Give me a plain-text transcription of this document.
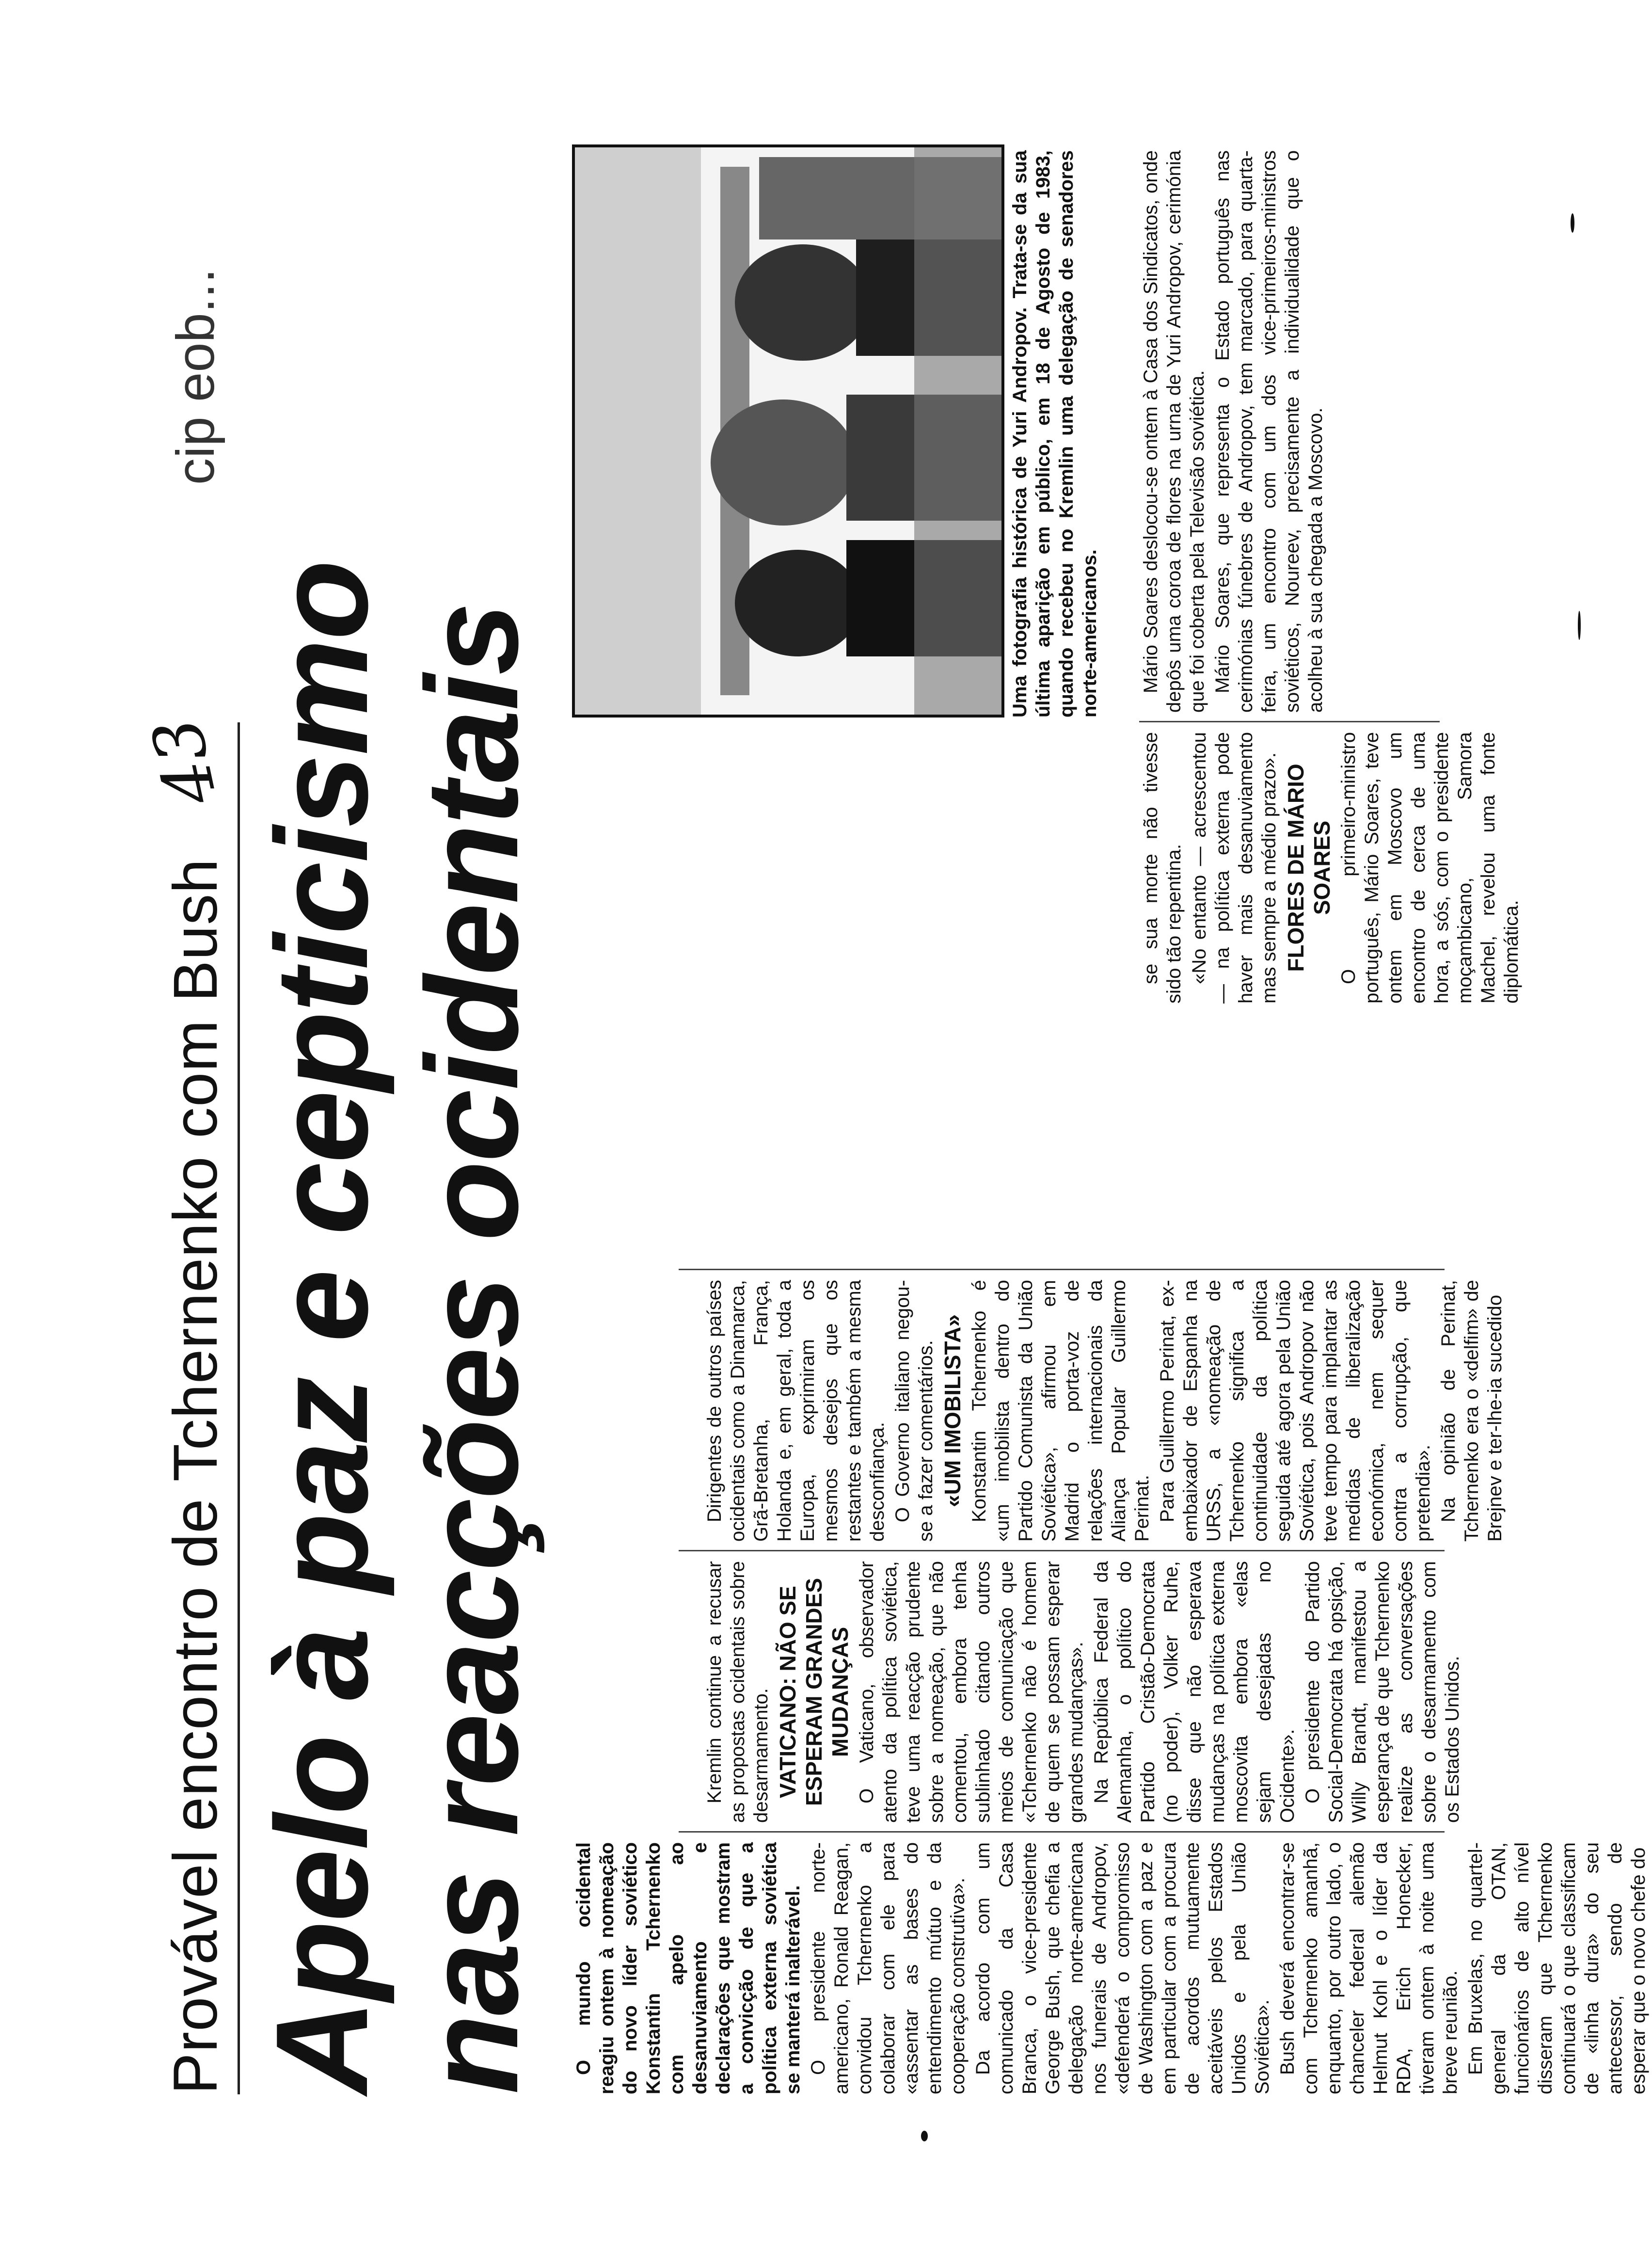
Provável encontro de Tchernenko com Bush
cip eob...
43 Apelo à paz e cepticismo nas reacções ocidentais O mundo ocidental reagiu ontem à nomeação do novo líder soviético Konstantin Tchernenko com apelo ao desanuviamento e declarações que mostram a convicção de que a política externa soviética se manterá inalterável. O presidente norte-americano, Ronald Reagan, convidou Tchernenko a colaborar com ele para «assentar as bases do entendimento mútuo e da cooperação construtiva». Da acordo com um comunicado da Casa Branca, o vice-presidente George Bush, que chefia a delegação norte-americana nos funerais de Andropov, «defenderá o compromisso de Washington com a paz e em particular com a procura de acordos mutuamente aceitáveis pelos Estados Unidos e pela União Soviética». Bush deverá encontrar-se com Tchernenko amanhã, enquanto, por outro lado, o chanceler federal alemão Helmut Kohl e o líder da RDA, Erich Honecker, tiveram ontem à noite uma breve reunião. Em Bruxelas, no quartel-general da OTAN, funcionários de alto nível disseram que Tchernenko continuará o que classificam de «linha dura» do seu antecessor, sendo de esperar que o novo chefe do

Kremlin continue a recusar as propostas ocidentais sobre desarmamento. VATICANO: NÃO SE ESPERAM GRANDES MUDANÇAS O Vaticano, observador atento da política soviética, teve uma reacção prudente sobre a nomeação, que não comentou, embora tenha sublinhado citando outros meios de comunicação que «Tchernenko não é homem de quem se possam esperar grandes mudanças». Na República Federal da Alemanha, o político do Partido Cristão-Democrata (no poder), Volker Ruhe, disse que não esperava mudanças na política externa moscovita embora «elas sejam desejadas no Ocidente». O presidente do Partido Social-Democrata há opsição, Willy Brandt, manifestou a esperança de que Tchernenko realize as conversações sobre o desarmamento com os Estados Unidos.

Dirigentes de outros países ocidentais como a Dinamarca, Grã-Bretanha, França, Holanda e, em geral, toda a Europa, exprimiram os mesmos desejos que os restantes e também a mesma desconfiança. O Governo italiano negou-se a fazer comentários. «UM IMOBILISTA» Konstantin Tchernenko é «um imobilista dentro do Partido Comunista da União Soviética», afirmou em Madrid o porta-voz de relações internacionais da Aliança Popular Guillermo Perinat. Para Guillermo Perinat, ex-embaixador de Espanha na URSS, a «nomeação de Tchernenko significa a continuidade da política seguida até agora pela União Soviética, pois Andropov não teve tempo para implantar as medidas de liberalização económica, nem sequer contra a corrupção, que pretendia». Na opinião de Perinat, Tchernenko era o «delfim» de Brejnev e ter-lhe-ia sucedido

se sua morte não tivesse sido tão repentina. «No entanto — acrescentou — na política externa pode haver mais desanuviamento mas sempre a médio prazo». FLORES DE MÁRIO SOARES O primeiro-ministro português, Mário Soares, teve ontem em Moscovo um encontro de cerca de uma hora, a sós, com o presidente moçambicano, Samora Machel, revelou uma fonte diplomática.

Mário Soares deslocou-se ontem à Casa dos Sindicatos, onde depôs uma coroa de flores na urna de Yuri Andropov, cerimónia que foi coberta pela Televisão soviética. Mário Soares, que representa o Estado português nas cerimónias fúnebres de Andropov, tem marcado, para quarta-feira, um encontro com um dos vice-primeiros-ministros soviéticos, Noureev, precisamente a individualidade que o acolheu à sua chegada a Moscovo.

Uma fotografia histórica de Yuri Andropov. Trata-se da sua última aparição em público, em 18 de Agosto de 1983, quando recebeu no Kremlin uma delegação de senadores norte-americanos.
